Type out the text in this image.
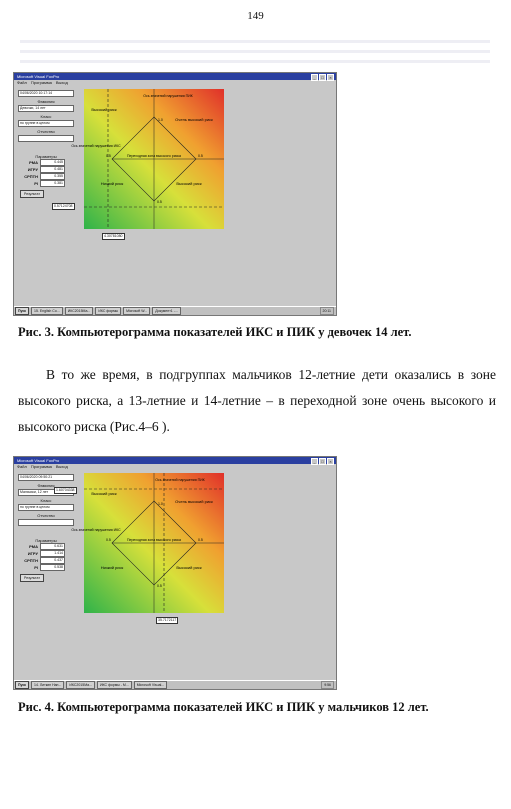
149
Microsoft Visual FoxPro	_	□	×
Файл Программа Выход
04/06/2020 10:17:14
Фамилия
Девочки, 14 лет
Класс
по группе в целом
Отчество
Параметры
РМА	0.445
ИГРУ	0.481
СРПТН	0.355
PI	0.381
Результат
Высокий риск
Ось значений нарушения ПИК
Очень высокий риск
Ось значений нарушения ИКС
Переходная зона высокого риска
Низкий риск	Высокий риск
1.0
0.5
0.5
0.5
0.57124708
4.30781080
Пуск	15. English Co...	ИКС2015Ма...	ИКС формы	Microsoft W...	Документ1 -...	20:11
Рис. 3. Компьютерограмма показателей ИКС и ПИК у девочек 14 лет.
В то же время, в подгруппах мальчиков 12-летние дети оказались в зоне высокого риска, а 13-летние и 14-летние – в переходной зоне очень высокого и высокого риска (Рис.4–6 ).
Microsoft Visual FoxPro	_	□	×
Файл Программа Выход
04/06/2020 09:50:21
Фамилия
Мальчики, 12 лет
Класс
по группе в целом
Отчество
Параметры
РМА	0.631
ИГРУ	1.414
СРПТН	0.437
PI	0.538
Результат
Высокий риск
Ось значений нарушения ПИК
Очень высокий риск
Ось значений нарушения ИКС
Переходная зона высокого риска
Низкий риск	Высокий риск
1.0
0.5
0.5
0.5
1.60704338
35.7172117
Пуск	14. Литкин Нап...	ИКС2015Ма...	ИКС формы - М...	Microsoft Visual...	9:56
Рис. 4. Компьютерограмма показателей ИКС и ПИК у мальчиков 12 лет.
